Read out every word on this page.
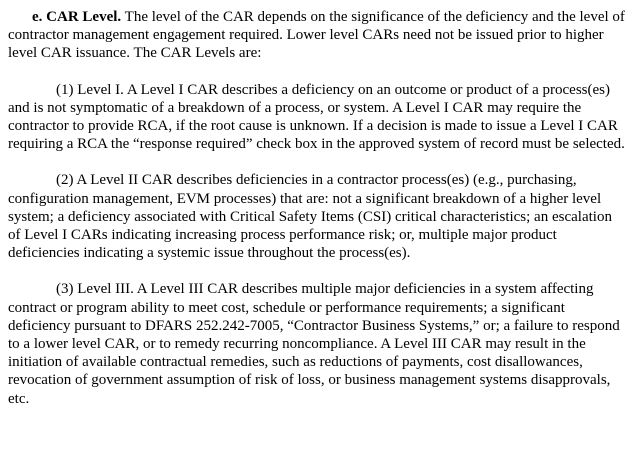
e. CAR Level. The level of the CAR depends on the significance of the deficiency and the level of contractor management engagement required. Lower level CARs need not be issued prior to higher level CAR issuance. The CAR Levels are:

(1) Level I. A Level I CAR describes a deficiency on an outcome or product of a process(es) and is not symptomatic of a breakdown of a process, or system. A Level I CAR may require the contractor to provide RCA, if the root cause is unknown. If a decision is made to issue a Level I CAR requiring a RCA the “response required” check box in the approved system of record must be selected.

(2) A Level II CAR describes deficiencies in a contractor process(es) (e.g., purchasing, configuration management, EVM processes) that are: not a significant breakdown of a higher level system; a deficiency associated with Critical Safety Items (CSI) critical characteristics; an escalation of Level I CARs indicating increasing process performance risk; or, multiple major product deficiencies indicating a systemic issue throughout the process(es).

(3) Level III. A Level III CAR describes multiple major deficiencies in a system affecting contract or program ability to meet cost, schedule or performance requirements; a significant deficiency pursuant to DFARS 252.242-7005, “Contractor Business Systems,” or; a failure to respond to a lower level CAR, or to remedy recurring noncompliance. A Level III CAR may result in the initiation of available contractual remedies, such as reductions of payments, cost disallowances, revocation of government assumption of risk of loss, or business management systems disapprovals, etc.
